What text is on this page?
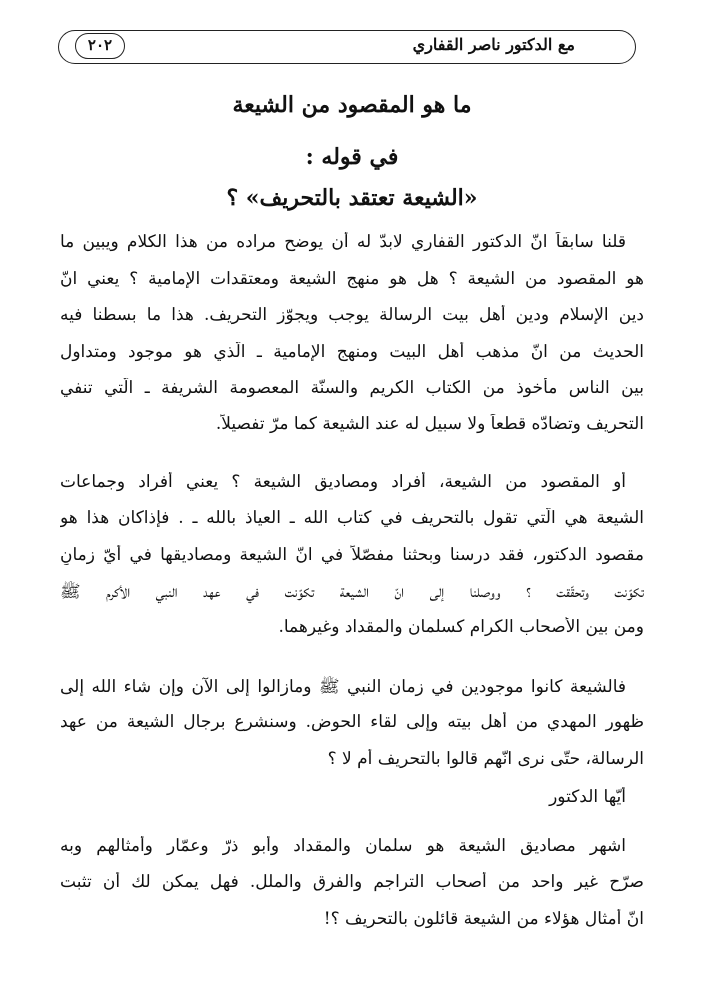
مع الدكتور ناصر القفاري
٢٠٢
ما هو المقصود من الشيعة
في قوله :
«الشيعة تعتقد بالتحريف» ؟
قلنا سابقاً انّ الدكتور القفاري لابدّ له أن يوضح مراده من هذا الكلام ويبين ما
هو المقصود من الشيعة ؟ هل هو منهج الشيعة ومعتقدات الإمامية ؟ يعني انّ
دين الإسلام ودين أهل بيت الرسالة يوجب ويجوّز التحريف. هذا ما بسطنا فيه
الحديث من انّ مذهب أهل البيت ومنهج الإمامية ـ الّذي هو موجود ومتداول
بين الناس مأخوذ من الكتاب الكريم والسنّة المعصومة الشريفة ـ الّتي تنفي
التحريف وتضادّه قطعاً ولا سبيل له عند الشيعة كما مرّ تفصيلاً.
أو المقصود من الشيعة، أفراد ومصاديق الشيعة ؟ يعني أفراد وجماعات
الشيعة هي الّتي تقول بالتحريف في كتاب الله ـ العياذ بالله ـ . فإذاكان هذا هو
مقصود الدكتور، فقد درسنا وبحثنا مفصّلاً في انّ الشيعة ومصاديقها في أيّ زمانٍ
تكوّنت وتحقّقت ؟ ووصلنا إلى انّ الشيعة تكوّنت في عهد النبي الأكرم ﷺ
ومن بين الأصحاب الكرام كسلمان والمقداد وغيرهما.
فالشيعة كانوا موجودين في زمان النبي ﷺ ومازالوا إلى الآن وإن شاء الله إلى
ظهور المهدي من أهل بيته وإلى لقاء الحوض. وسنشرع برجال الشيعة من عهد
الرسالة، حتّى نرى انّهم قالوا بالتحريف أم لا ؟
أيّها الدكتور
اشهر مصاديق الشيعة هو سلمان والمقداد وأبو ذرّ وعمّار وأمثالهم وبه
صرّح غير واحد من أصحاب التراجم والفرق والملل. فهل يمكن لك أن تثبت
انّ أمثال هؤلاء من الشيعة قائلون بالتحريف ؟!
